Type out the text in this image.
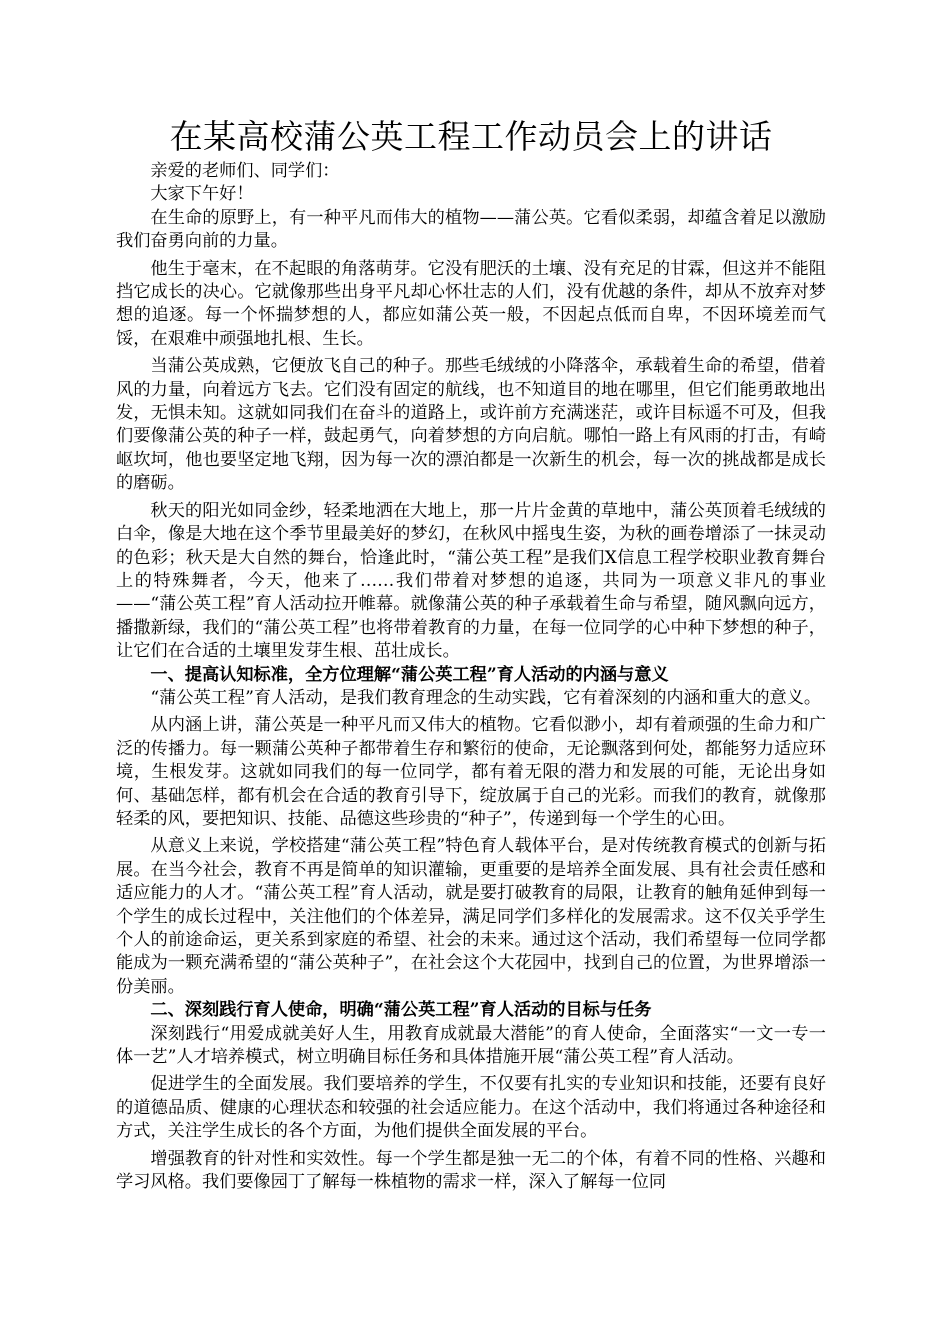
在某高校蒲公英工程工作动员会上的讲话

亲爱的老师们、同学们：

大家下午好！

在生命的原野上，有一种平凡而伟大的植物——蒲公英。它看似柔弱，却蕴含着足以激励我们奋勇向前的力量。

他生于毫末，在不起眼的角落萌芽。它没有肥沃的土壤、没有充足的甘霖，但这并不能阻挡它成长的决心。它就像那些出身平凡却心怀壮志的人们，没有优越的条件，却从不放弃对梦想的追逐。每一个怀揣梦想的人，都应如蒲公英一般，不因起点低而自卑，不因环境差而气馁，在艰难中顽强地扎根、生长。

当蒲公英成熟，它便放飞自己的种子。那些毛绒绒的小降落伞，承载着生命的希望，借着风的力量，向着远方飞去。它们没有固定的航线，也不知道目的地在哪里，但它们能勇敢地出发，无惧未知。这就如同我们在奋斗的道路上，或许前方充满迷茫，或许目标遥不可及，但我们要像蒲公英的种子一样，鼓起勇气，向着梦想的方向启航。哪怕一路上有风雨的打击，有崎岖坎坷，他也要坚定地飞翔，因为每一次的漂泊都是一次新生的机会，每一次的挑战都是成长的磨砺。

秋天的阳光如同金纱，轻柔地洒在大地上，那一片片金黄的草地中，蒲公英顶着毛绒绒的白伞，像是大地在这个季节里最美好的梦幻，在秋风中摇曳生姿，为秋的画卷增添了一抹灵动的色彩；秋天是大自然的舞台，恰逢此时，“蒲公英工程”是我们X信息工程学校职业教育舞台上的特殊舞者，今天，他来了……我们带着对梦想的追逐，共同为一项意义非凡的事业——“蒲公英工程”育人活动拉开帷幕。就像蒲公英的种子承载着生命与希望，随风飘向远方，播撒新绿，我们的“蒲公英工程”也将带着教育的力量，在每一位同学的心中种下梦想的种子，让它们在合适的土壤里发芽生根、茁壮成长。

一、提高认知标准，全方位理解“蒲公英工程”育人活动的内涵与意义

“蒲公英工程”育人活动，是我们教育理念的生动实践，它有着深刻的内涵和重大的意义。

从内涵上讲，蒲公英是一种平凡而又伟大的植物。它看似渺小，却有着顽强的生命力和广泛的传播力。每一颗蒲公英种子都带着生存和繁衍的使命，无论飘落到何处，都能努力适应环境，生根发芽。这就如同我们的每一位同学，都有着无限的潜力和发展的可能，无论出身如何、基础怎样，都有机会在合适的教育引导下，绽放属于自己的光彩。而我们的教育，就像那轻柔的风，要把知识、技能、品德这些珍贵的“种子”，传递到每一个学生的心田。

从意义上来说，学校搭建“蒲公英工程”特色育人载体平台，是对传统教育模式的创新与拓展。在当今社会，教育不再是简单的知识灌输，更重要的是培养全面发展、具有社会责任感和适应能力的人才。“蒲公英工程”育人活动，就是要打破教育的局限，让教育的触角延伸到每一个学生的成长过程中，关注他们的个体差异，满足同学们多样化的发展需求。这不仅关乎学生个人的前途命运，更关系到家庭的希望、社会的未来。通过这个活动，我们希望每一位同学都能成为一颗充满希望的“蒲公英种子”，在社会这个大花园中，找到自己的位置，为世界增添一份美丽。

二、深刻践行育人使命，明确“蒲公英工程”育人活动的目标与任务

深刻践行“用爱成就美好人生，用教育成就最大潜能”的育人使命，全面落实“一文一专一体一艺”人才培养模式，树立明确目标任务和具体措施开展“蒲公英工程”育人活动。

促进学生的全面发展。我们要培养的学生，不仅要有扎实的专业知识和技能，还要有良好的道德品质、健康的心理状态和较强的社会适应能力。在这个活动中，我们将通过各种途径和方式，关注学生成长的各个方面，为他们提供全面发展的平台。

增强教育的针对性和实效性。每一个学生都是独一无二的个体，有着不同的性格、兴趣和学习风格。我们要像园丁了解每一株植物的需求一样，深入了解每一位同
